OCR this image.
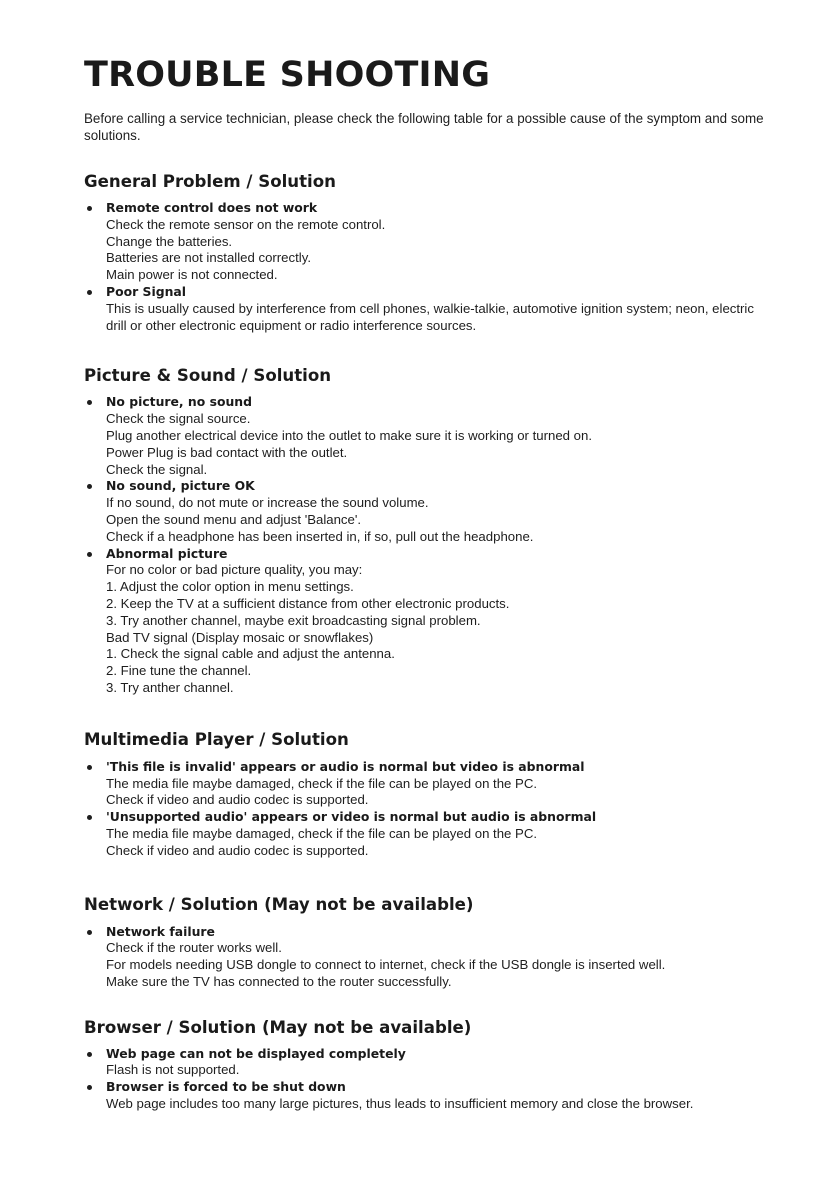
TROUBLE SHOOTING
Before calling a service technician, please check the following table for a possible cause of the symptom and some solutions.
General Problem / Solution
Remote control does not work
Check the remote sensor on the remote control.
Change the batteries.
Batteries are not installed correctly.
Main power is not connected.
Poor Signal
This is usually caused by interference from cell phones, walkie-talkie, automotive ignition system; neon, electric drill or other electronic equipment or radio interference sources.
Picture & Sound / Solution
No picture, no sound
Check the signal source.
Plug another electrical device into the outlet to make sure it is working or turned on.
Power Plug is bad contact with the outlet.
Check the signal.
No sound, picture OK
If no sound, do not mute or increase the sound volume.
Open the sound menu and adjust 'Balance'.
Check if a headphone has been inserted in, if so, pull out the headphone.
Abnormal picture
For no color or bad picture quality, you may:
1. Adjust the color option in menu settings.
2. Keep the TV at a sufficient distance from other electronic products.
3. Try another channel, maybe exit broadcasting signal problem.
Bad TV signal (Display mosaic or snowflakes)
1. Check the signal cable and adjust the antenna.
2. Fine tune the channel.
3. Try anther channel.
Multimedia Player / Solution
'This file is invalid' appears or audio is normal but video is abnormal
The media file maybe damaged, check if the file can be played on the PC.
Check if video and audio codec is supported.
'Unsupported audio' appears or video is normal but audio is abnormal
The media file maybe damaged, check if the file can be played on the PC.
Check if video and audio codec is supported.
Network / Solution (May not be available)
Network failure
Check if the router works well.
For models needing USB dongle to connect to internet, check if the USB dongle is inserted well.
Make sure the TV has connected to the router successfully.
Browser / Solution (May not be available)
Web page can not be displayed completely
Flash is not supported.
Browser is forced to be shut down
Web page includes too many large pictures, thus leads to insufficient memory and close the browser.
